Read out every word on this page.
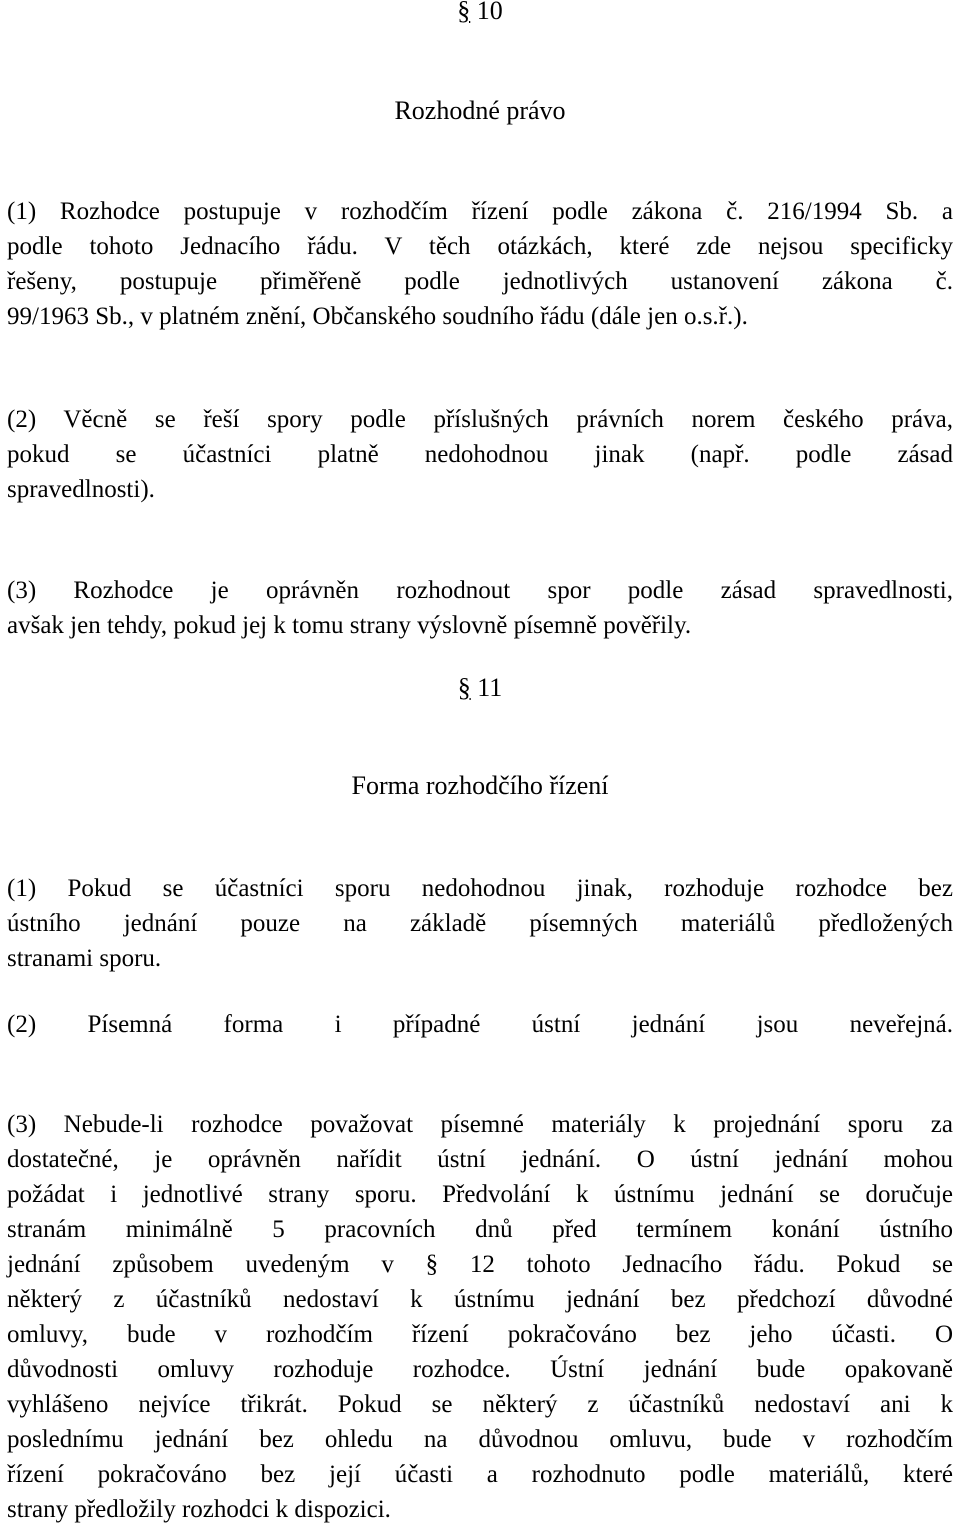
§ 10
Rozhodné právo
(1) Rozhodce postupuje v rozhodčím řízení podle zákona č. 216/1994 Sb. a
podle tohoto Jednacího řádu. V těch otázkách, které zde nejsou specificky
řešeny, postupuje přiměřeně podle jednotlivých ustanovení zákona č.
99/1963 Sb., v platném znění, Občanského soudního řádu (dále jen o.s.ř.).
(2) Věcně se řeší spory podle příslušných právních norem českého práva,
pokud se účastníci platně nedohodnou jinak (např. podle zásad
spravedlnosti).
(3) Rozhodce je oprávněn rozhodnout spor podle zásad spravedlnosti,
avšak jen tehdy, pokud jej k tomu strany výslovně písemně pověřily.
§ 11
Forma rozhodčího řízení
(1) Pokud se účastníci sporu nedohodnou jinak, rozhoduje rozhodce bez
ústního jednání pouze na základě písemných materiálů předložených
stranami sporu.
(2) Písemná forma i případné ústní jednání jsou neveřejná.
(3) Nebude-li rozhodce považovat písemné materiály k projednání sporu za
dostatečné, je oprávněn nařídit ústní jednání. O ústní jednání mohou
požádat i jednotlivé strany sporu. Předvolání k ústnímu jednání se doručuje
stranám minimálně 5 pracovních dnů před termínem konání ústního
jednání způsobem uvedeným v § 12 tohoto Jednacího řádu. Pokud se
některý z účastníků nedostaví k ústnímu jednání bez předchozí důvodné
omluvy, bude v rozhodčím řízení pokračováno bez jeho účasti. O
důvodnosti omluvy rozhoduje rozhodce. Ústní jednání bude opakovaně
vyhlášeno nejvíce třikrát. Pokud se některý z účastníků nedostaví ani k
poslednímu jednání bez ohledu na důvodnou omluvu, bude v rozhodčím
řízení pokračováno bez její účasti a rozhodnuto podle materiálů, které
strany předložily rozhodci k dispozici.
